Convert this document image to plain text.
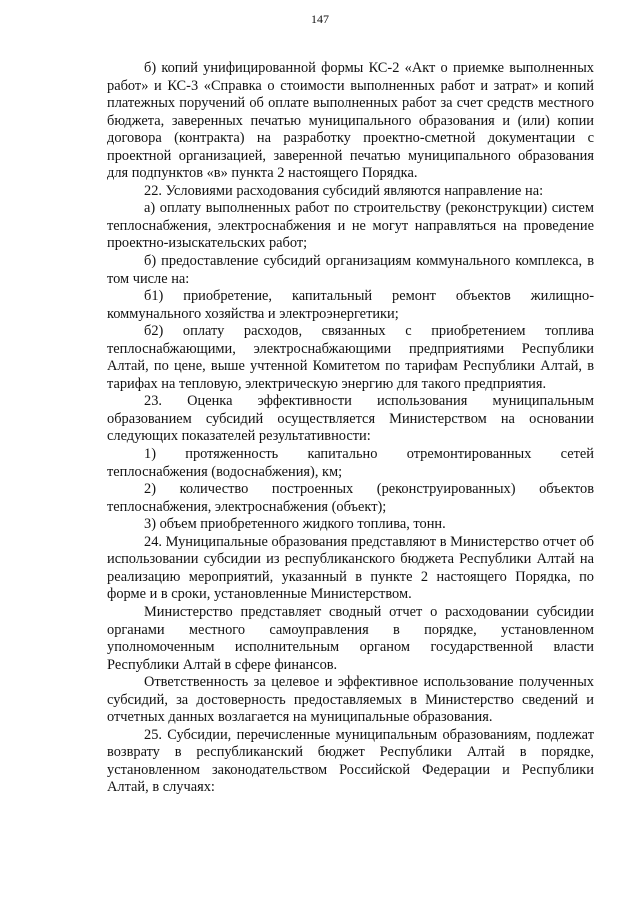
147

б) копий унифицированной формы КС-2 «Акт о приемке выполненных работ» и КС-3 «Справка о стоимости выполненных работ и затрат» и копий платежных поручений об оплате выполненных работ за счет средств местного бюджета, заверенных печатью муниципального образования и (или) копии договора (контракта) на разработку проектно-сметной документации с проектной организацией, заверенной печатью муниципального образования для подпунктов «в» пункта 2 настоящего Порядка.

22. Условиями расходования субсидий являются направление на:

а) оплату выполненных работ по строительству (реконструкции) систем теплоснабжения, электроснабжения и не могут направляться на проведение проектно-изыскательских работ;

б) предоставление субсидий организациям коммунального комплекса, в том числе на:

б1) приобретение, капитальный ремонт объектов жилищно-коммунального хозяйства и электроэнергетики;

б2) оплату расходов, связанных с приобретением топлива теплоснабжающими, электроснабжающими предприятиями Республики Алтай, по цене, выше учтенной Комитетом по тарифам Республики Алтай, в тарифах на тепловую, электрическую энергию для такого предприятия.

23. Оценка эффективности использования муниципальным образованием субсидий осуществляется Министерством на основании следующих показателей результативности:

1) протяженность капитально отремонтированных сетей теплоснабжения (водоснабжения), км;

2) количество построенных (реконструированных) объектов теплоснабжения, электроснабжения (объект);

3) объем приобретенного жидкого топлива, тонн.

24. Муниципальные образования представляют в Министерство отчет об использовании субсидии из республиканского бюджета Республики Алтай на реализацию мероприятий, указанный в пункте 2 настоящего Порядка, по форме и в сроки, установленные Министерством.

Министерство представляет сводный отчет о расходовании субсидии органами местного самоуправления в порядке, установленном уполномоченным исполнительным органом государственной власти Республики Алтай в сфере финансов.

Ответственность за целевое и эффективное использование полученных субсидий, за достоверность предоставляемых в Министерство сведений и отчетных данных возлагается на муниципальные образования.

25. Субсидии, перечисленные муниципальным образованиям, подлежат возврату в республиканский бюджет Республики Алтай в порядке, установленном законодательством Российской Федерации и Республики Алтай, в случаях:
